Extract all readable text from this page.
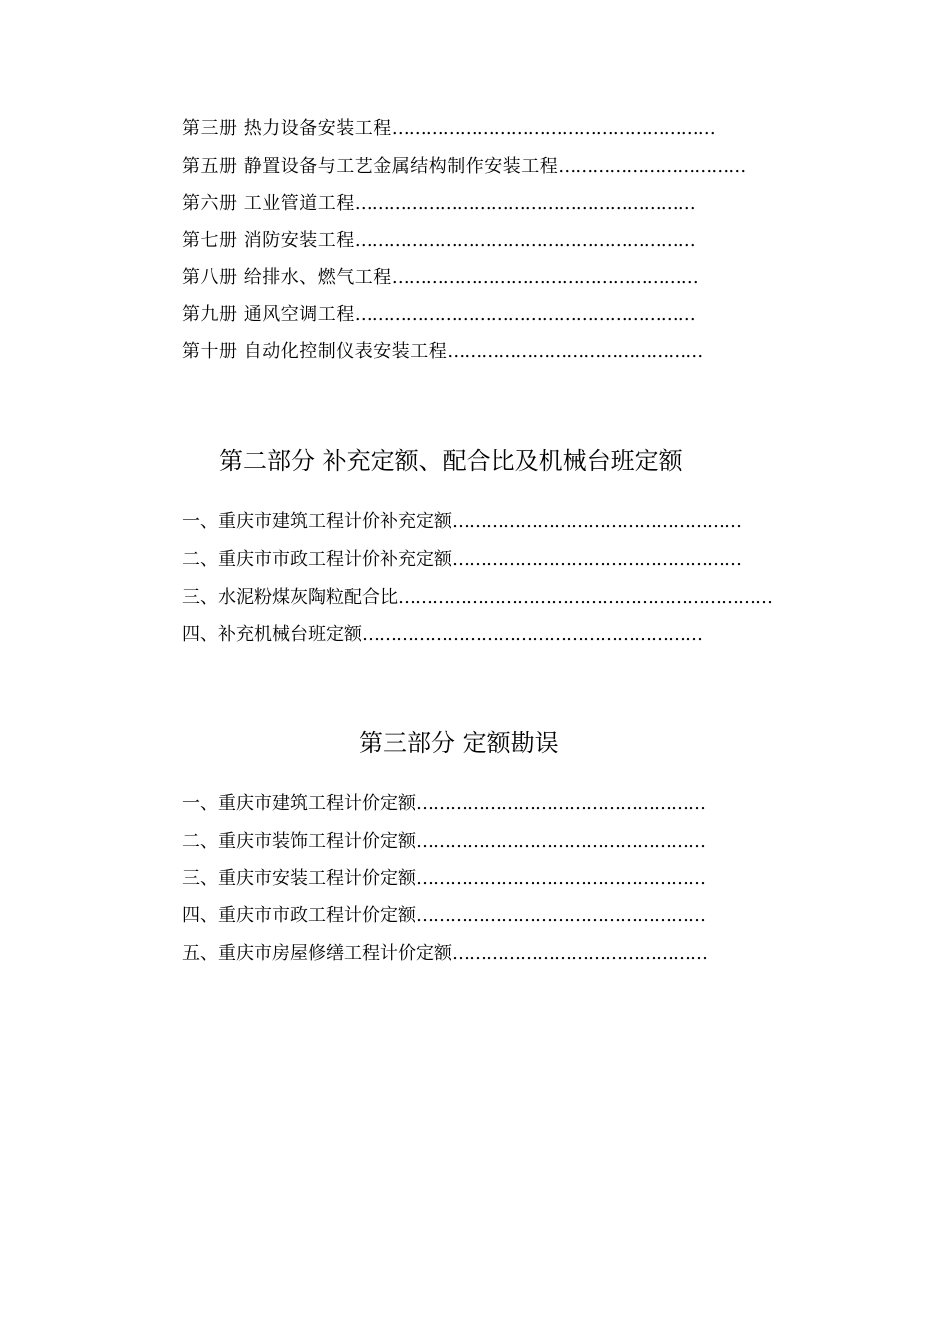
第三册 热力设备安装工程…………………………………………………
第五册 静置设备与工艺金属结构制作安装工程……………………………
第六册 工业管道工程……………………………………………………
第七册 消防安装工程……………………………………………………
第八册 给排水、燃气工程………………………………………………
第九册 通风空调工程……………………………………………………
第十册 自动化控制仪表安装工程………………………………………
第二部分 补充定额、配合比及机械台班定额
一、重庆市建筑工程计价补充定额……………………………………………
二、重庆市市政工程计价补充定额……………………………………………
三、水泥粉煤灰陶粒配合比…………………………………………………………
四、补充机械台班定额……………………………………………………
第三部分 定额勘误
一、重庆市建筑工程计价定额……………………………………………
二、重庆市装饰工程计价定额……………………………………………
三、重庆市安装工程计价定额……………………………………………
四、重庆市市政工程计价定额……………………………………………
五、重庆市房屋修缮工程计价定额………………………………………
